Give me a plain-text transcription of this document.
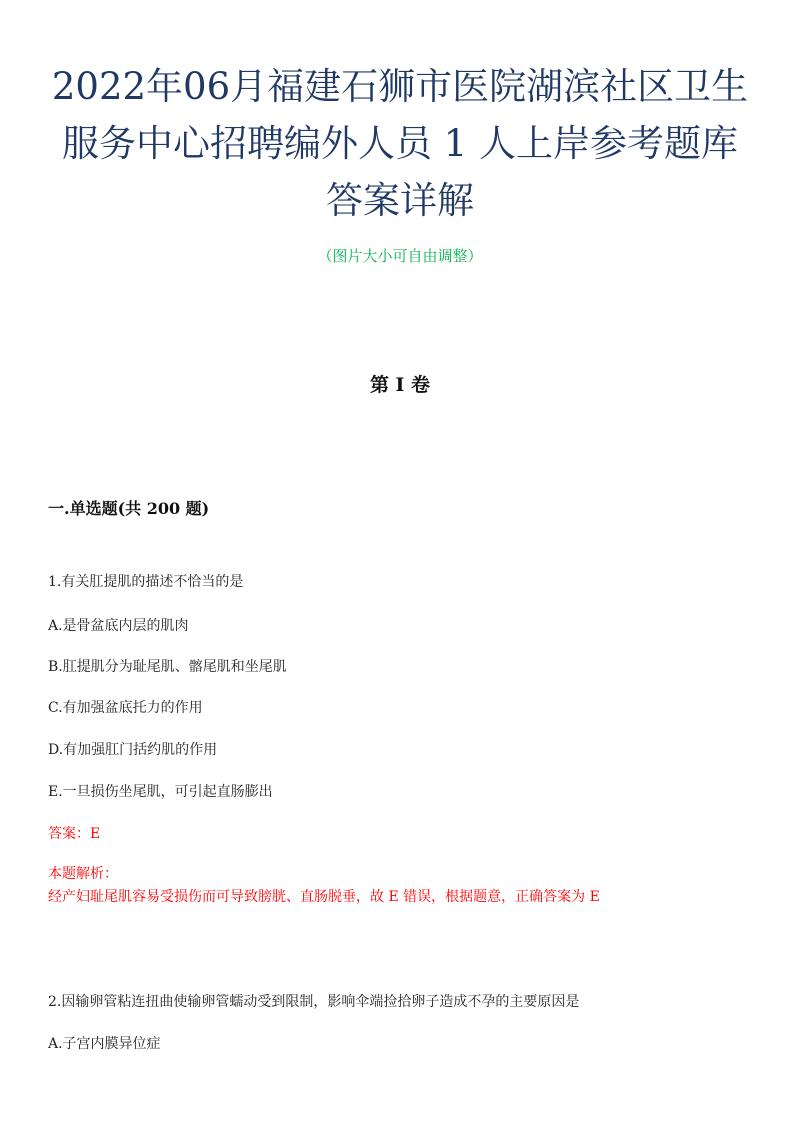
2022年06月福建石狮市医院湖滨社区卫生
服务中心招聘编外人员 1 人上岸参考题库
答案详解

（图片大小可自由调整）

第 I 卷

一.单选题(共 200 题)

1.有关肛提肌的描述不恰当的是

A.是骨盆底内层的肌肉

B.肛提肌分为耻尾肌、髂尾肌和坐尾肌

C.有加强盆底托力的作用

D.有加强肛门括约肌的作用

E.一旦损伤坐尾肌，可引起直肠膨出

答案：E

本题解析：

经产妇耻尾肌容易受损伤而可导致膀胱、直肠脱垂，故 E 错误，根据题意，正确答案为 E

2.因输卵管粘连扭曲使输卵管蠕动受到限制，影响伞端捡拾卵子造成不孕的主要原因是

A.子宫内膜异位症
